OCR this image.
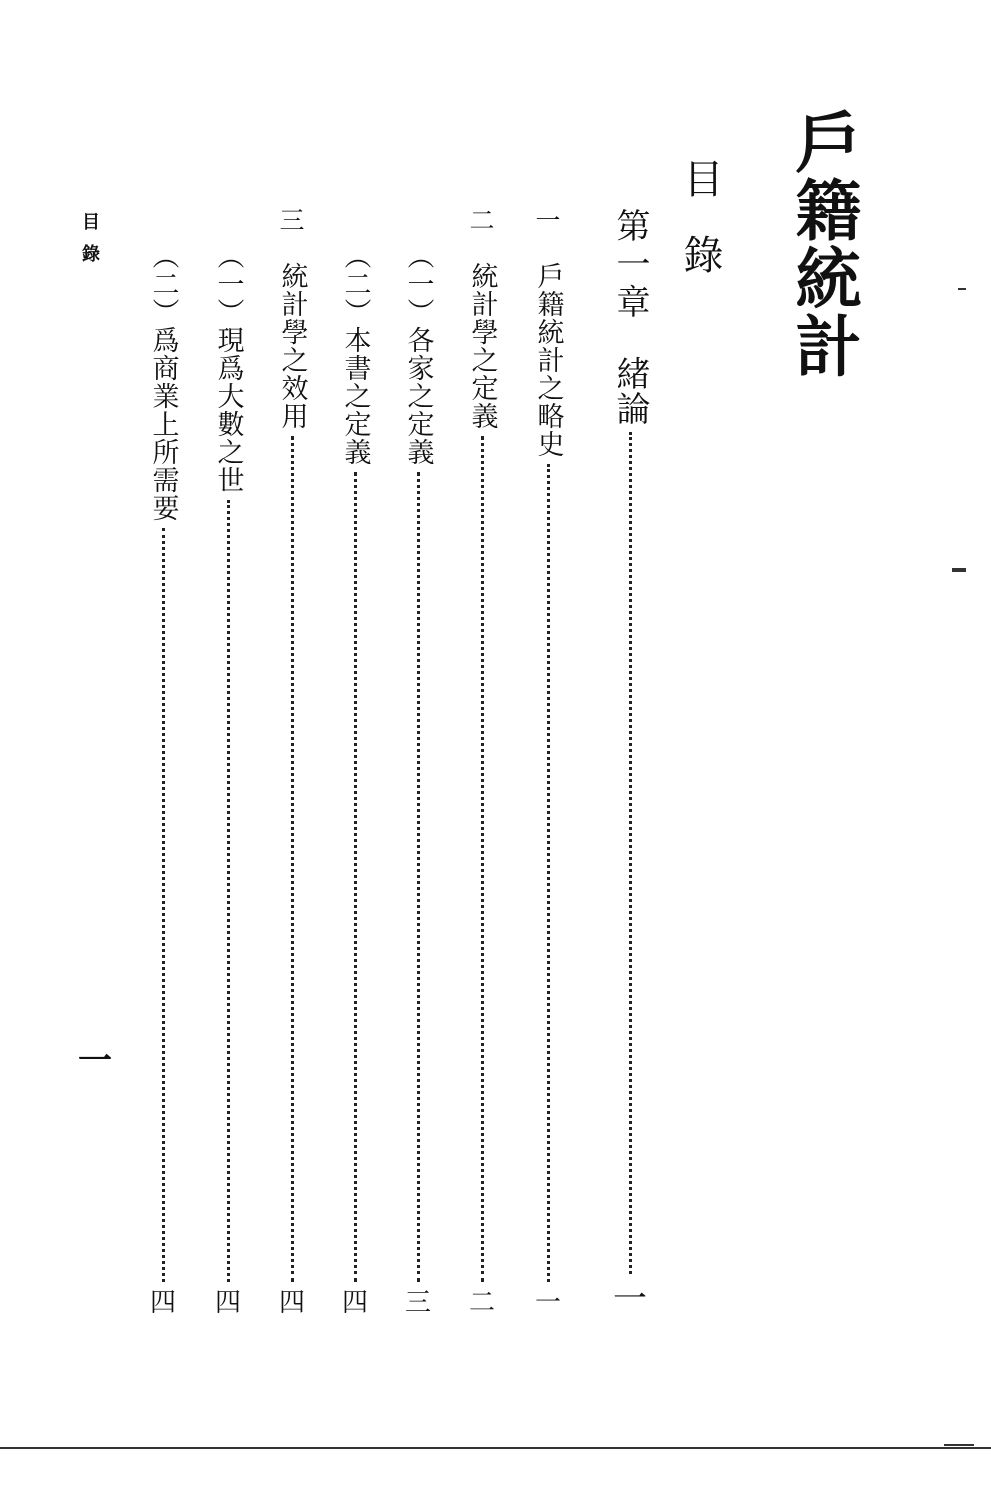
戶籍統計
目錄
第一章
緒論
一
一
戶籍統計之略史
一
二
統計學之定義
二
︵一︶各家之定義
三
︵二︶本書之定義
四
三
統計學之效用
四
︵一︶現爲大數之世
四
︵二︶爲商業上所需要
四
目錄
一
